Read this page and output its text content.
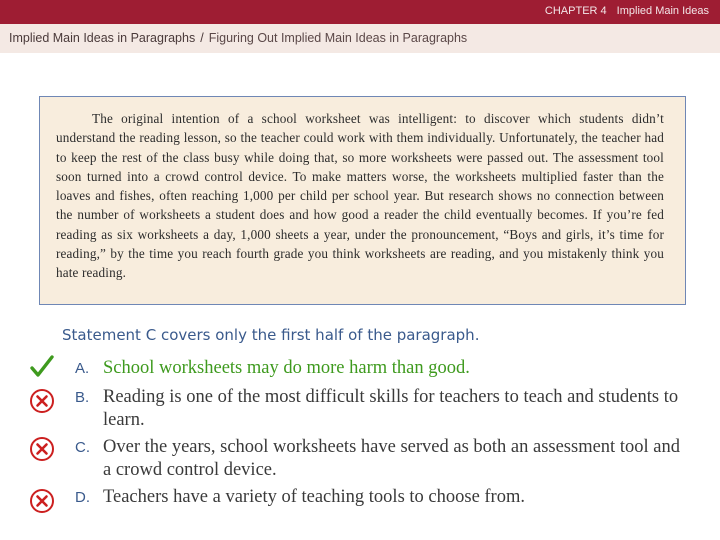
CHAPTER 4 Implied Main Ideas
Implied Main Ideas in Paragraphs / Figuring Out Implied Main Ideas in Paragraphs

The original intention of a school worksheet was intelligent: to discover which students didn’t understand the reading lesson, so the teacher could work with them individually. Unfortunately, the teacher had to keep the rest of the class busy while doing that, so more worksheets were passed out. The assessment tool soon turned into a crowd control device. To make matters worse, the worksheets multiplied faster than the loaves and fishes, often reaching 1,000 per child per school year. But research shows no connection between the number of worksheets a student does and how good a reader the child eventually becomes. If you’re fed reading as six worksheets a day, 1,000 sheets a year, under the pronouncement, “Boys and girls, it’s time for reading,” by the time you reach fourth grade you think worksheets are reading, and you mistakenly think you hate reading.

Statement C covers only the first half of the paragraph.
A. School worksheets may do more harm than good.
B. Reading is one of the most difficult skills for teachers to teach and students to learn.
C. Over the years, school worksheets have served as both an assessment tool and a crowd control device.
D. Teachers have a variety of teaching tools to choose from.
